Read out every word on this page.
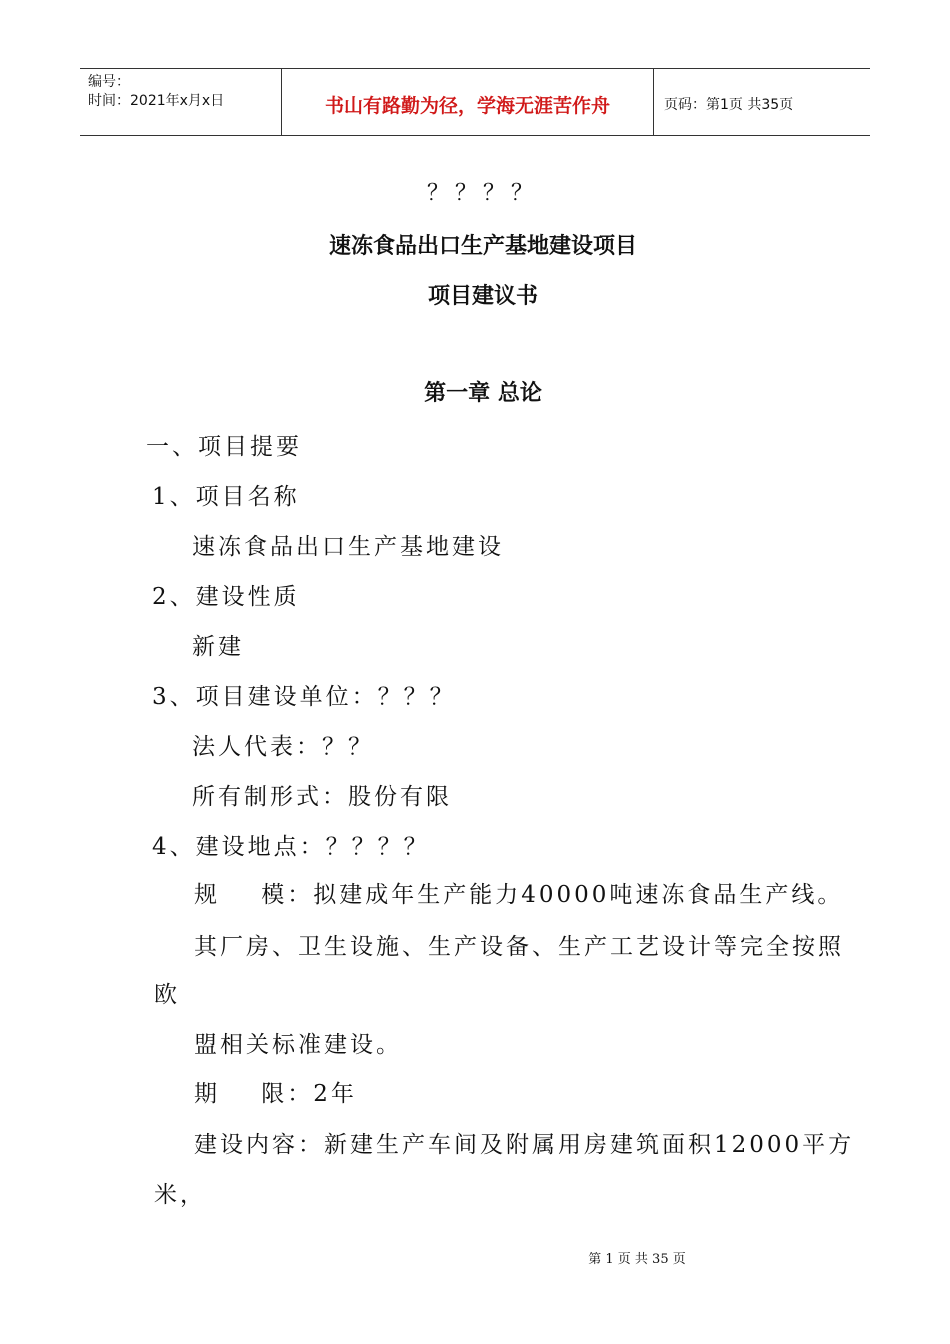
编号：
时间：2021年x月x日	书山有路勤为径，学海无涯苦作舟	页码：第1页 共35页
？？？？
速冻食品出口生产基地建设项目
项目建议书
第一章 总论
一、项目提要
1、项目名称
速冻食品出口生产基地建设
2、建设性质
新建
3、项目建设单位：？？？
法人代表：？？
所有制形式：股份有限
4、建设地点：？？？？
规    模：拟建成年生产能力40000吨速冻食品生产线。
其厂房、卫生设施、生产设备、生产工艺设计等完全按照
欧
盟相关标准建设。
期    限：2年
建设内容：新建生产车间及附属用房建筑面积12000平方
米，
第 1 页 共 35 页
